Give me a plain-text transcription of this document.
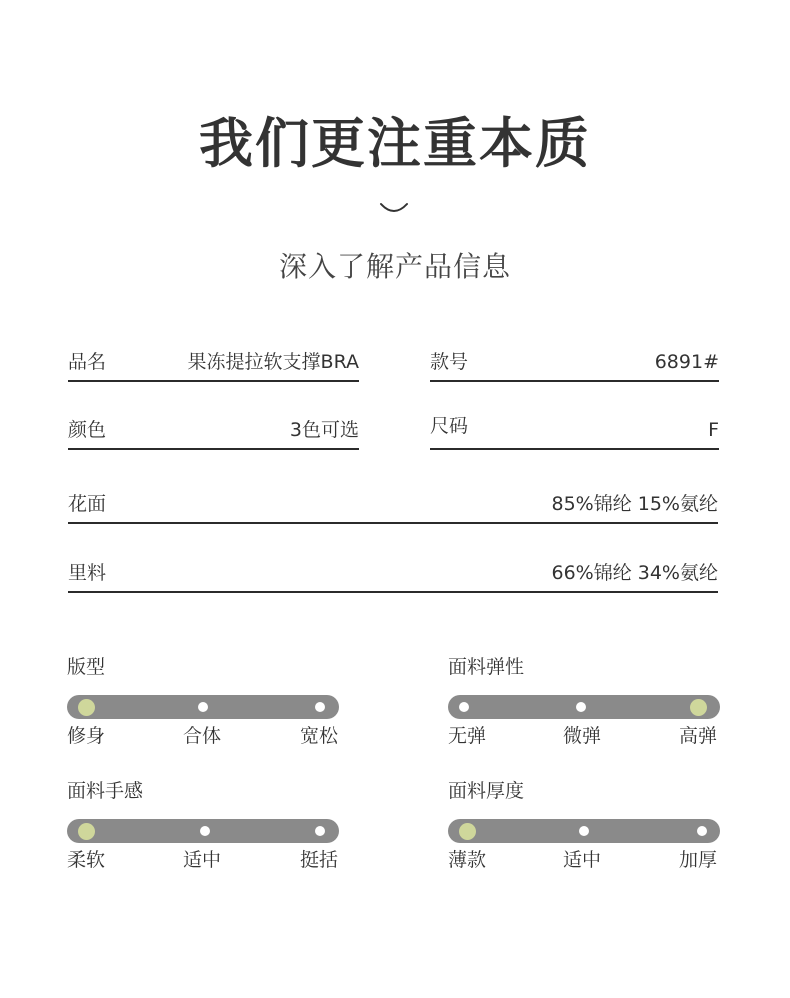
我们更注重本质
深入了解产品信息
品名	果冻提拉软支撑BRA	款号	6891#
颜色	3色可选	尺码	F
花面	85%锦纶 15%氨纶
里料	66%锦纶 34%氨纶
版型
修身	合体	宽松
面料弹性
无弹	微弹	高弹
面料手感
柔软	适中	挺括
面料厚度
薄款	适中	加厚
